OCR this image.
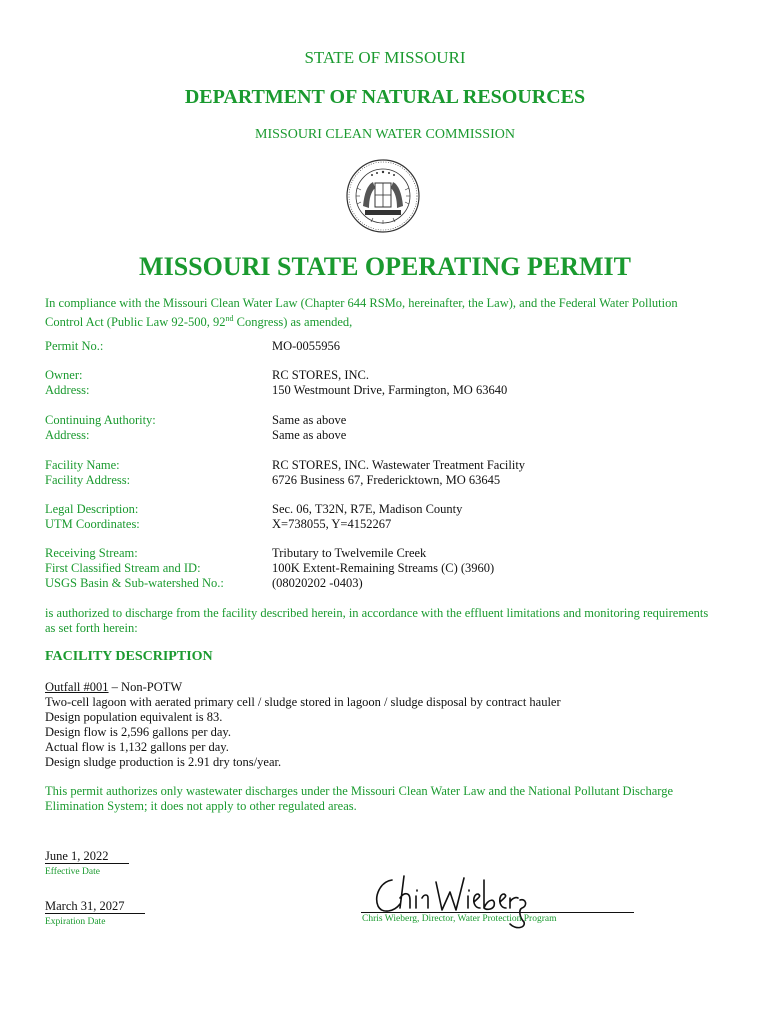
STATE OF MISSOURI
DEPARTMENT OF NATURAL RESOURCES
MISSOURI CLEAN WATER COMMISSION
MISSOURI STATE OPERATING PERMIT
In compliance with the Missouri Clean Water Law (Chapter 644 RSMo, hereinafter, the Law), and the Federal Water Pollution
Control Act (Public Law 92-500, 92nd Congress) as amended,
Permit No.:	MO-0055956
Owner:
Address:
RC STORES, INC.
150 Westmount Drive, Farmington, MO 63640
Continuing Authority:
Address:
Same as above
Same as above
Facility Name:
Facility Address:
RC STORES, INC. Wastewater Treatment Facility
6726 Business 67, Fredericktown, MO 63645
Legal Description:
UTM Coordinates:
Sec. 06, T32N, R7E, Madison County
X=738055, Y=4152267
Receiving Stream:
First Classified Stream and ID:
USGS Basin & Sub-watershed No.:
Tributary to Twelvemile Creek
100K Extent-Remaining Streams (C) (3960)
(08020202 -0403)
is authorized to discharge from the facility described herein, in accordance with the effluent limitations and monitoring requirements
as set forth herein:
FACILITY DESCRIPTION
Outfall #001 – Non-POTW
Two-cell lagoon with aerated primary cell / sludge stored in lagoon / sludge disposal by contract hauler
Design population equivalent is 83.
Design flow is 2,596 gallons per day.
Actual flow is 1,132 gallons per day.
Design sludge production is 2.91 dry tons/year.
This permit authorizes only wastewater discharges under the Missouri Clean Water Law and the National Pollutant Discharge
Elimination System; it does not apply to other regulated areas.
June 1, 2022
Effective Date
March 31, 2027
Expiration Date	Chris Wieberg, Director, Water Protection Program
